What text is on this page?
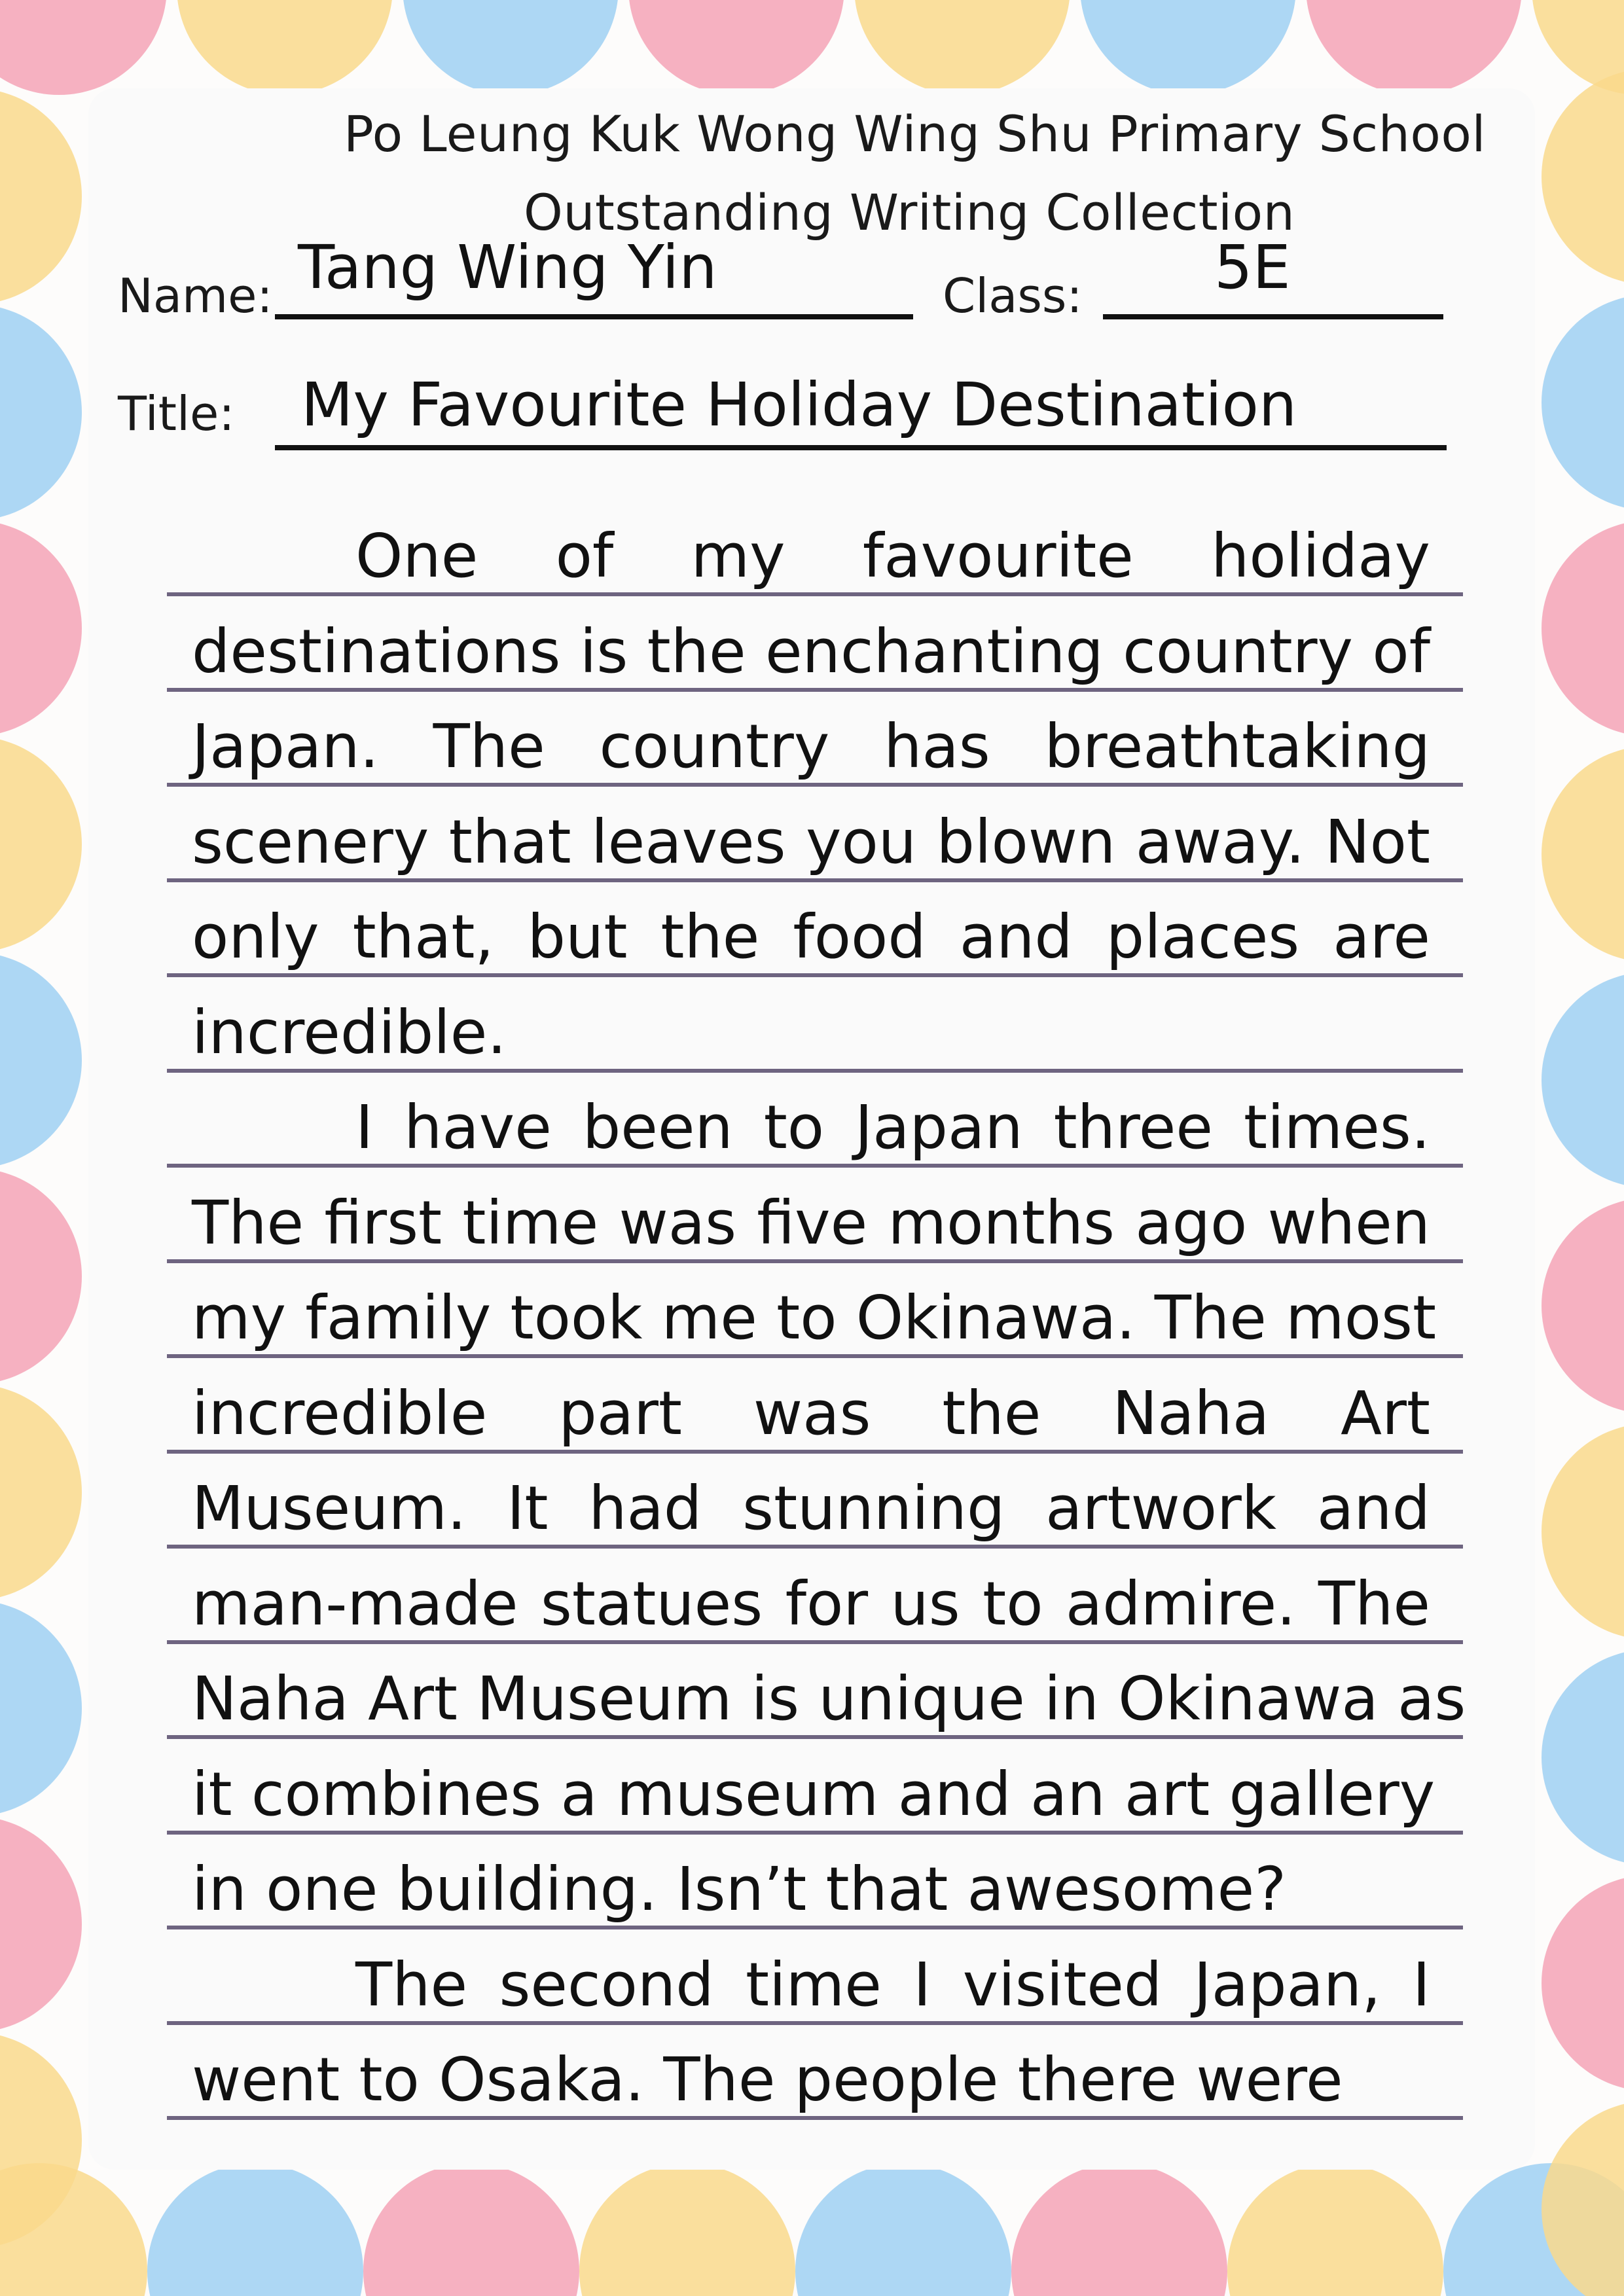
Po Leung Kuk Wong Wing Shu Primary School
Outstanding Writing Collection
Name: Tang Wing Yin	Class: 5E
Title: My Favourite Holiday Destination
One of my favourite holiday
destinations is the enchanting country of
Japan. The country has breathtaking
scenery that leaves you blown away. Not
only that, but the food and places are
incredible.
I have been to Japan three times.
The first time was five months ago when
my family took me to Okinawa. The most
incredible part was the Naha Art
Museum. It had stunning artwork and
man-made statues for us to admire. The
Naha Art Museum is unique in Okinawa as
it combines a museum and an art gallery
in one building. Isn’t that awesome?
The second time I visited Japan, I
went to Osaka. The people there were
